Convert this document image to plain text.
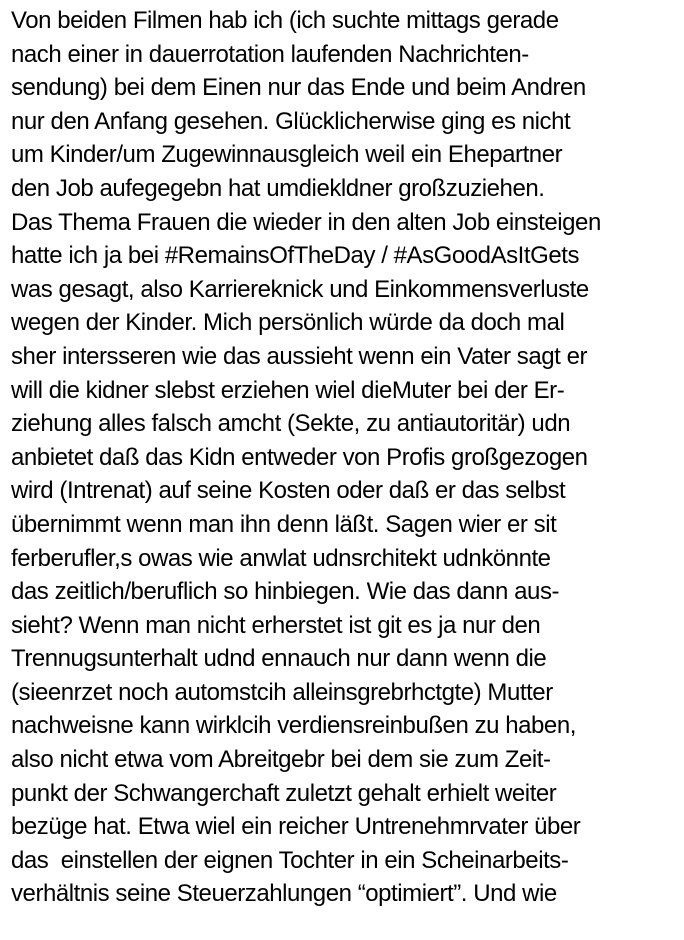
Von beiden Filmen hab ich (ich suchte mittags gerade
nach einer in dauerrotation laufenden Nachrichten-
sendung) bei dem Einen nur das Ende und beim Andren
nur den Anfang gesehen. Glücklicherwise ging es nicht
um Kinder/um Zugewinnausgleich weil ein Ehepartner
den Job aufegegebn hat umdiekldner großzuziehen.
Das Thema Frauen die wieder in den alten Job einsteigen
hatte ich ja bei #RemainsOfTheDay / #AsGoodAsItGets
was gesagt, also Karriereknick und Einkommensverluste
wegen der Kinder. Mich persönlich würde da doch mal
sher intersseren wie das aussieht wenn ein Vater sagt er
will die kidner slebst erziehen wiel dieMuter bei der Er-
ziehung alles falsch amcht (Sekte, zu antiautoritär) udn
anbietet daß das Kidn entweder von Profis großgezogen
wird (Intrenat) auf seine Kosten oder daß er das selbst
übernimmt wenn man ihn denn läßt. Sagen wier er sit
ferberufler,s owas wie anwlat udnsrchitekt udnkönnte
das zeitlich/beruflich so hinbiegen. Wie das dann aus-
sieht? Wenn man nicht erherstet ist git es ja nur den
Trennugsunterhalt udnd ennauch nur dann wenn die
(sieenrzet noch automstcih alleinsgrebrhctgte) Mutter
nachweisne kann wirklcih verdiensreinbußen zu haben,
also nicht etwa vom Abreitgebr bei dem sie zum Zeit-
punkt der Schwangerchaft zuletzt gehalt erhielt weiter
bezüge hat. Etwa wiel ein reicher Untrenehmrvater über
das  einstellen der eignen Tochter in ein Scheinarbeits-
verhältnis seine Steuerzahlungen “optimiert”. Und wie
